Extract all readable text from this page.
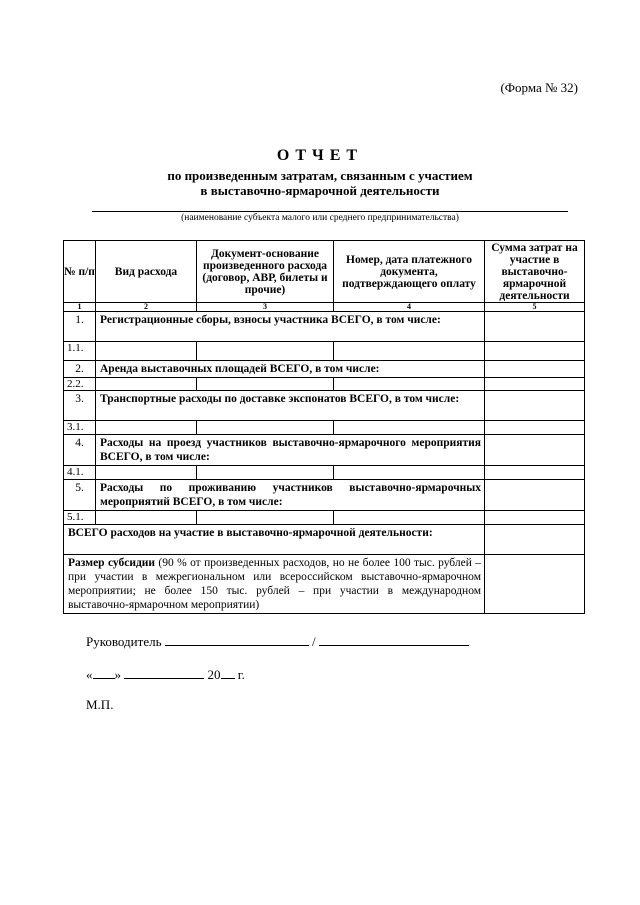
(Форма № 32)
ОТЧЕТ
по произведенным затратам, связанным с участием
в выставочно-ярмарочной деятельности
(наименование субъекта малого или среднего предпринимательства)
№ п/п	Вид расхода	Документ-основание произведенного расхода (договор, АВР, билеты и прочие)	Номер, дата платежного документа, подтверждающего оплату	Сумма затрат на участие в выставочно-ярмарочной деятельности
1	2	3	4	5
1.	Регистрационные сборы, взносы участника ВСЕГО, в том числе:			
1.1.				
2.	Аренда выставочных площадей ВСЕГО, в том числе:			
2.2.				
3.	Транспортные расходы по доставке экспонатов ВСЕГО, в том числе:			
3.1.				
4.	Расходы на проезд участников выставочно-ярмарочного мероприятия ВСЕГО, в том числе:			
4.1.				
5.	Расходы по проживанию участников выставочно-ярмарочных мероприятий ВСЕГО, в том числе:			
5.1.				
ВСЕГО расходов на участие в выставочно-ярмарочной деятельности:				
Размер субсидии (90 % от произведенных расходов, но не более 100 тыс. рублей – при участии в межрегиональном или всероссийском выставочно-ярмарочном мероприятии; не более 150 тыс. рублей – при участии в международном выставочно-ярмарочном мероприятии)				
Руководитель	/
« »	20 г.
М.П.
